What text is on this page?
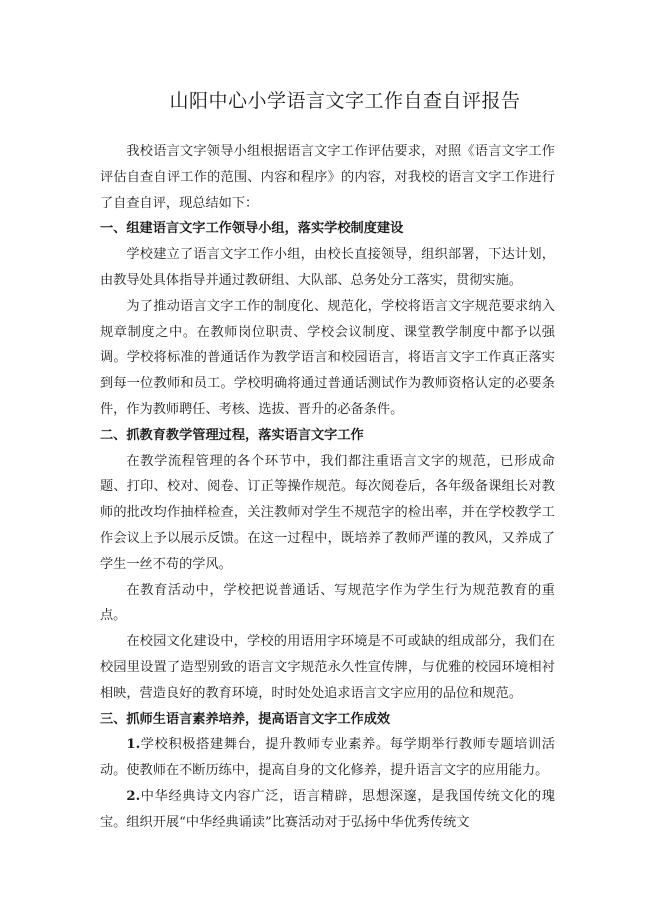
山阳中心小学语言文字工作自查自评报告

我校语言文字领导小组根据语言文字工作评估要求，对照《语言文字工作评估自查自评工作的范围、内容和程序》的内容，对我校的语言文字工作进行了自查自评，现总结如下：

一、组建语言文字工作领导小组，落实学校制度建设

学校建立了语言文字工作小组，由校长直接领导，组织部署，下达计划，由教导处具体指导并通过教研组、大队部、总务处分工落实，贯彻实施。

为了推动语言文字工作的制度化、规范化，学校将语言文字规范要求纳入规章制度之中。在教师岗位职责、学校会议制度、课堂教学制度中都予以强调。学校将标准的普通话作为教学语言和校园语言，将语言文字工作真正落实到每一位教师和员工。学校明确将通过普通话测试作为教师资格认定的必要条件，作为教师聘任、考核、选拔、晋升的必备条件。

二、抓教育教学管理过程，落实语言文字工作

在教学流程管理的各个环节中，我们都注重语言文字的规范，已形成命题、打印、校对、阅卷、订正等操作规范。每次阅卷后，各年级备课组长对教师的批改均作抽样检查，关注教师对学生不规范字的检出率，并在学校教学工作会议上予以展示反馈。在这一过程中，既培养了教师严谨的教风，又养成了学生一丝不苟的学风。

在教育活动中，学校把说普通话、写规范字作为学生行为规范教育的重点。

在校园文化建设中，学校的用语用字环境是不可或缺的组成部分，我们在校园里设置了造型别致的语言文字规范永久性宣传牌，与优雅的校园环境相衬相映，营造良好的教育环境，时时处处追求语言文字应用的品位和规范。

三、抓师生语言素养培养，提高语言文字工作成效

1.学校积极搭建舞台，提升教师专业素养。每学期举行教师专题培训活动。使教师在不断历练中，提高自身的文化修养，提升语言文字的应用能力。

2.中华经典诗文内容广泛，语言精辟，思想深邃，是我国传统文化的瑰宝。组织开展“中华经典诵读”比赛活动对于弘扬中华优秀传统文
